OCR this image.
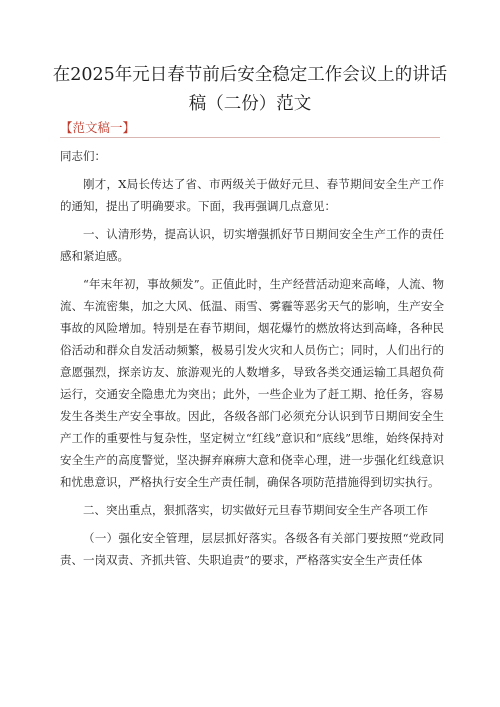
在2025年元日春节前后安全稳定工作会议上的讲话
稿（二份）范文
【范文稿一】

同志们：

刚才，X局长传达了省、市两级关于做好元旦、春节期间安全生产工作的通知，提出了明确要求。下面，我再强调几点意见：

一、认清形势，提高认识，切实增强抓好节日期间安全生产工作的责任感和紧迫感。

“年末年初，事故频发”。正值此时，生产经营活动迎来高峰，人流、物流、车流密集，加之大风、低温、雨雪、雾霾等恶劣天气的影响，生产安全事故的风险增加。特别是在春节期间，烟花爆竹的燃放将达到高峰，各种民俗活动和群众自发活动频繁，极易引发火灾和人员伤亡；同时，人们出行的意愿强烈，探亲访友、旅游观光的人数增多，导致各类交通运输工具超负荷运行，交通安全隐患尤为突出；此外，一些企业为了赶工期、抢任务，容易发生各类生产安全事故。因此，各级各部门必须充分认识到节日期间安全生产工作的重要性与复杂性，坚定树立“红线”意识和“底线”思维，始终保持对安全生产的高度警觉，坚决摒弃麻痹大意和侥幸心理，进一步强化红线意识和忧患意识，严格执行安全生产责任制，确保各项防范措施得到切实执行。

二、突出重点，狠抓落实，切实做好元旦春节期间安全生产各项工作

（一）强化安全管理，层层抓好落实。各级各有关部门要按照“党政同责、一岗双责、齐抓共管、失职追责”的要求，严格落实安全生产责任体
